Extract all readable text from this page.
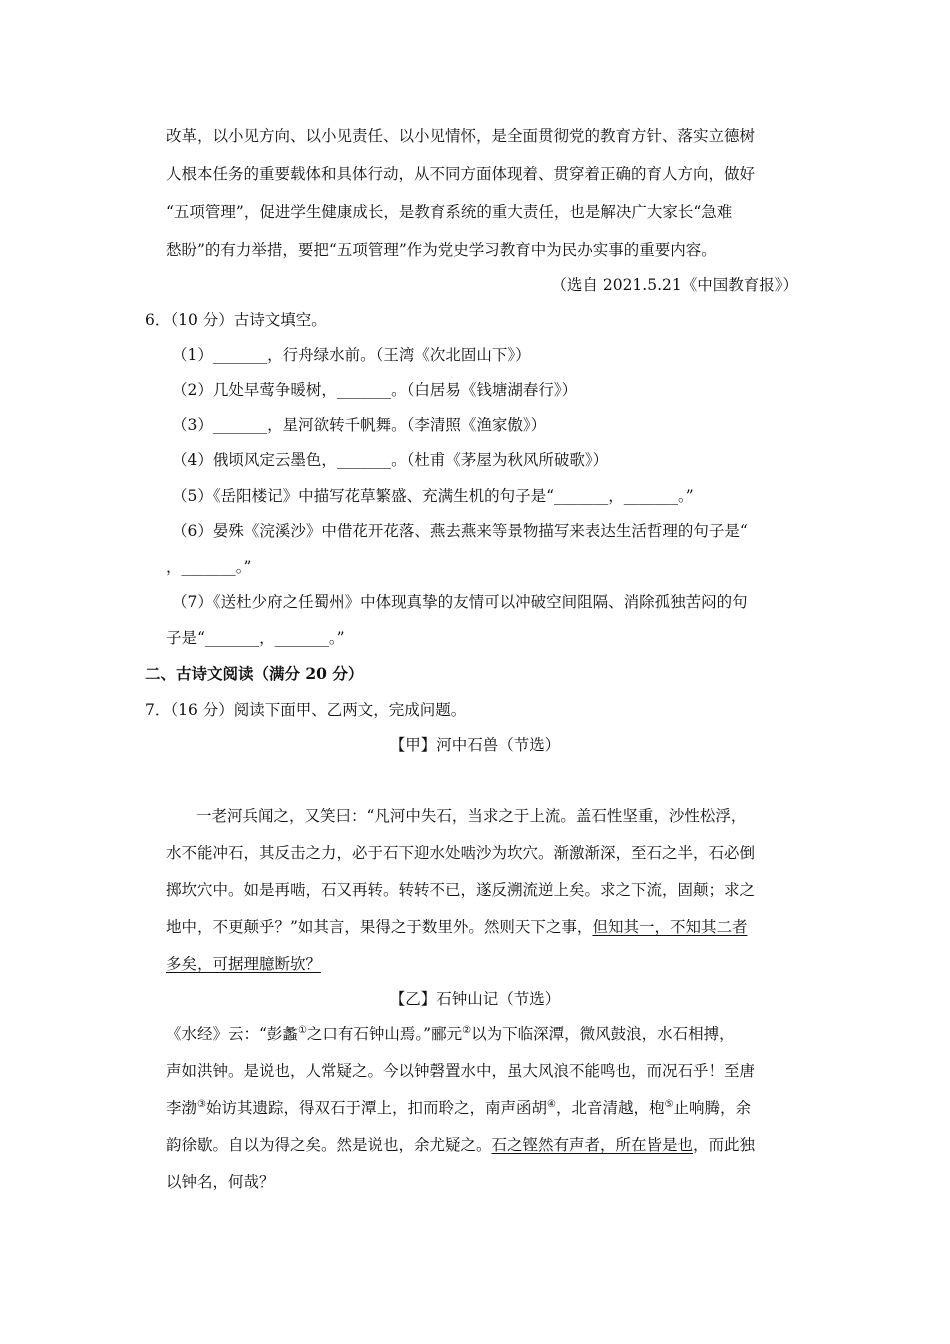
改革，以小见方向、以小见责任、以小见情怀，是全面贯彻党的教育方针、落实立德树
人根本任务的重要载体和具体行动，从不同方面体现着、贯穿着正确的育人方向，做好
“五项管理”，促进学生健康成长，是教育系统的重大责任，也是解决广大家长“急难
愁盼”的有力举措，要把“五项管理”作为党史学习教育中为民办实事的重要内容。
（选自 2021.5.21《中国教育报》）
6．（10 分）古诗文填空。
（1）_______，行舟绿水前。（王湾《次北固山下》）
（2）几处早莺争暖树，_______。（白居易《钱塘湖春行》）
（3）_______，星河欲转千帆舞。（李清照《渔家傲》）
（4）俄顷风定云墨色，_______。（杜甫《茅屋为秋风所破歌》）
（5）《岳阳楼记》中描写花草繁盛、充满生机的句子是“_______，_______。”
（6）晏殊《浣溪沙》中借花开花落、燕去燕来等景物描写来表达生活哲理的句子是“
，_______。”
（7）《送杜少府之任蜀州》中体现真挚的友情可以冲破空间阻隔、消除孤独苦闷的句
子是“_______，_______。”
二、古诗文阅读（满分 20 分）
7．（16 分）阅读下面甲、乙两文，完成问题。
【甲】河中石兽（节选）
一老河兵闻之，又笑曰：“凡河中失石，当求之于上流。盖石性坚重，沙性松浮，
水不能冲石，其反击之力，必于石下迎水处啮沙为坎穴。渐激渐深，至石之半，石必倒
掷坎穴中。如是再啮，石又再转。转转不已，遂反溯流逆上矣。求之下流，固颠；求之
地中，不更颠乎？”如其言，果得之于数里外。然则天下之事，但知其一，不知其二者
多矣，可据理臆断欤？
【乙】石钟山记（节选）
《水经》云：“彭蠡①之口有石钟山焉。”郦元②以为下临深潭，微风鼓浪，水石相搏，
声如洪钟。是说也，人常疑之。今以钟磬置水中，虽大风浪不能鸣也，而况石乎！至唐
李渤③始访其遗踪，得双石于潭上，扣而聆之，南声函胡④，北音清越，枹⑤止响腾，余
韵徐歇。自以为得之矣。然是说也，余尤疑之。石之铿然有声者，所在皆是也，而此独
以钟名，何哉？
